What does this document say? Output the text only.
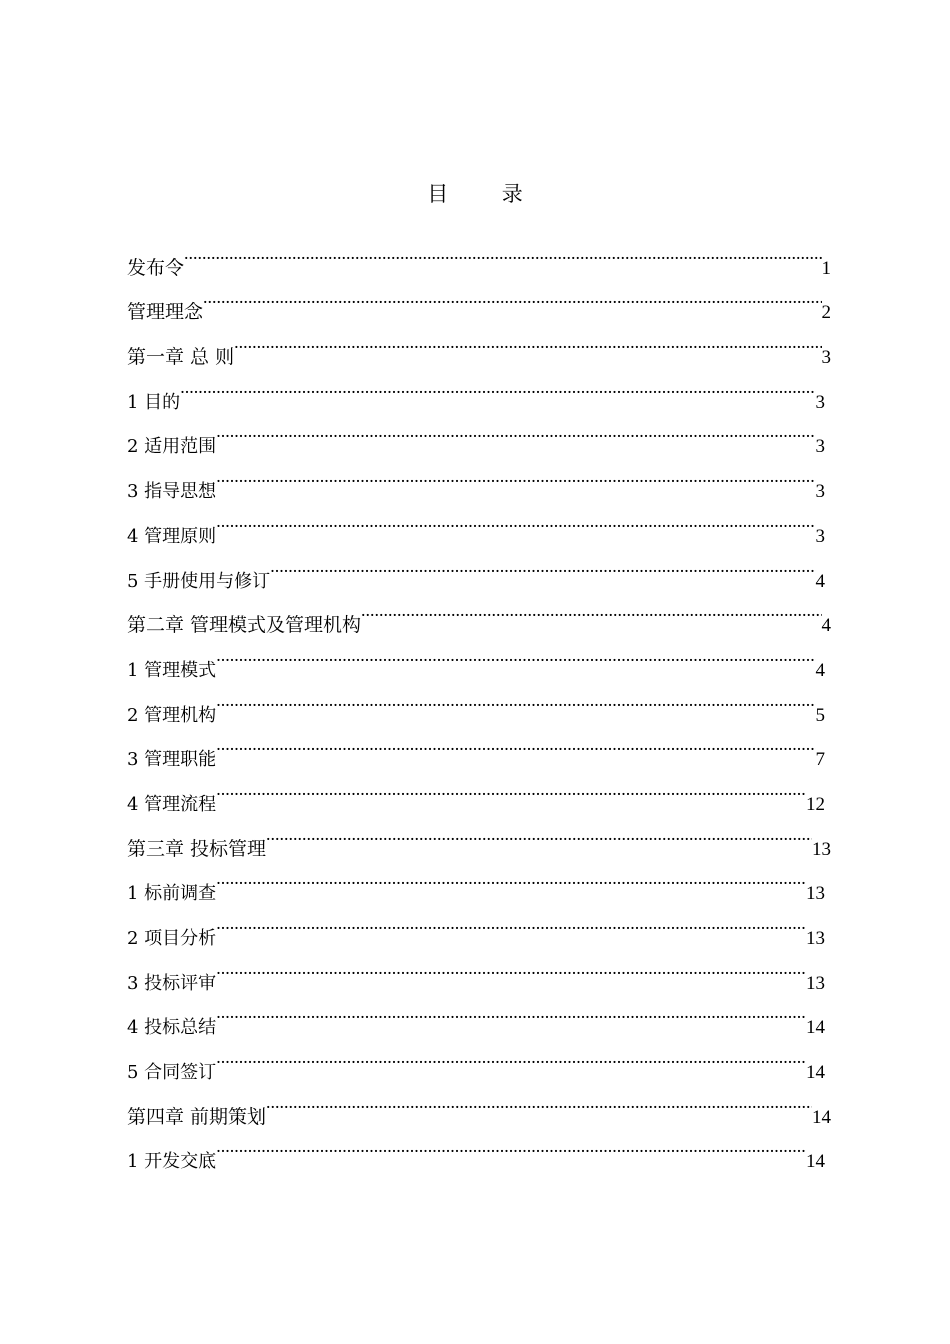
目        录
发布令 .....	1
管理理念 .....	2
第一章 总 则 .....	3
1 目的 .....	3
2 适用范围 .....	3
3 指导思想 .....	3
4 管理原则 .....	3
5 手册使用与修订 .....	4
第二章 管理模式及管理机构 .....	4
1 管理模式 .....	4
2 管理机构 .....	5
3 管理职能 .....	7
4 管理流程 .....	12
第三章 投标管理 .....	13
1 标前调查 .....	13
2 项目分析 .....	13
3 投标评审 .....	13
4 投标总结 .....	14
5 合同签订 .....	14
第四章 前期策划 .....	14
1 开发交底 .....	14
